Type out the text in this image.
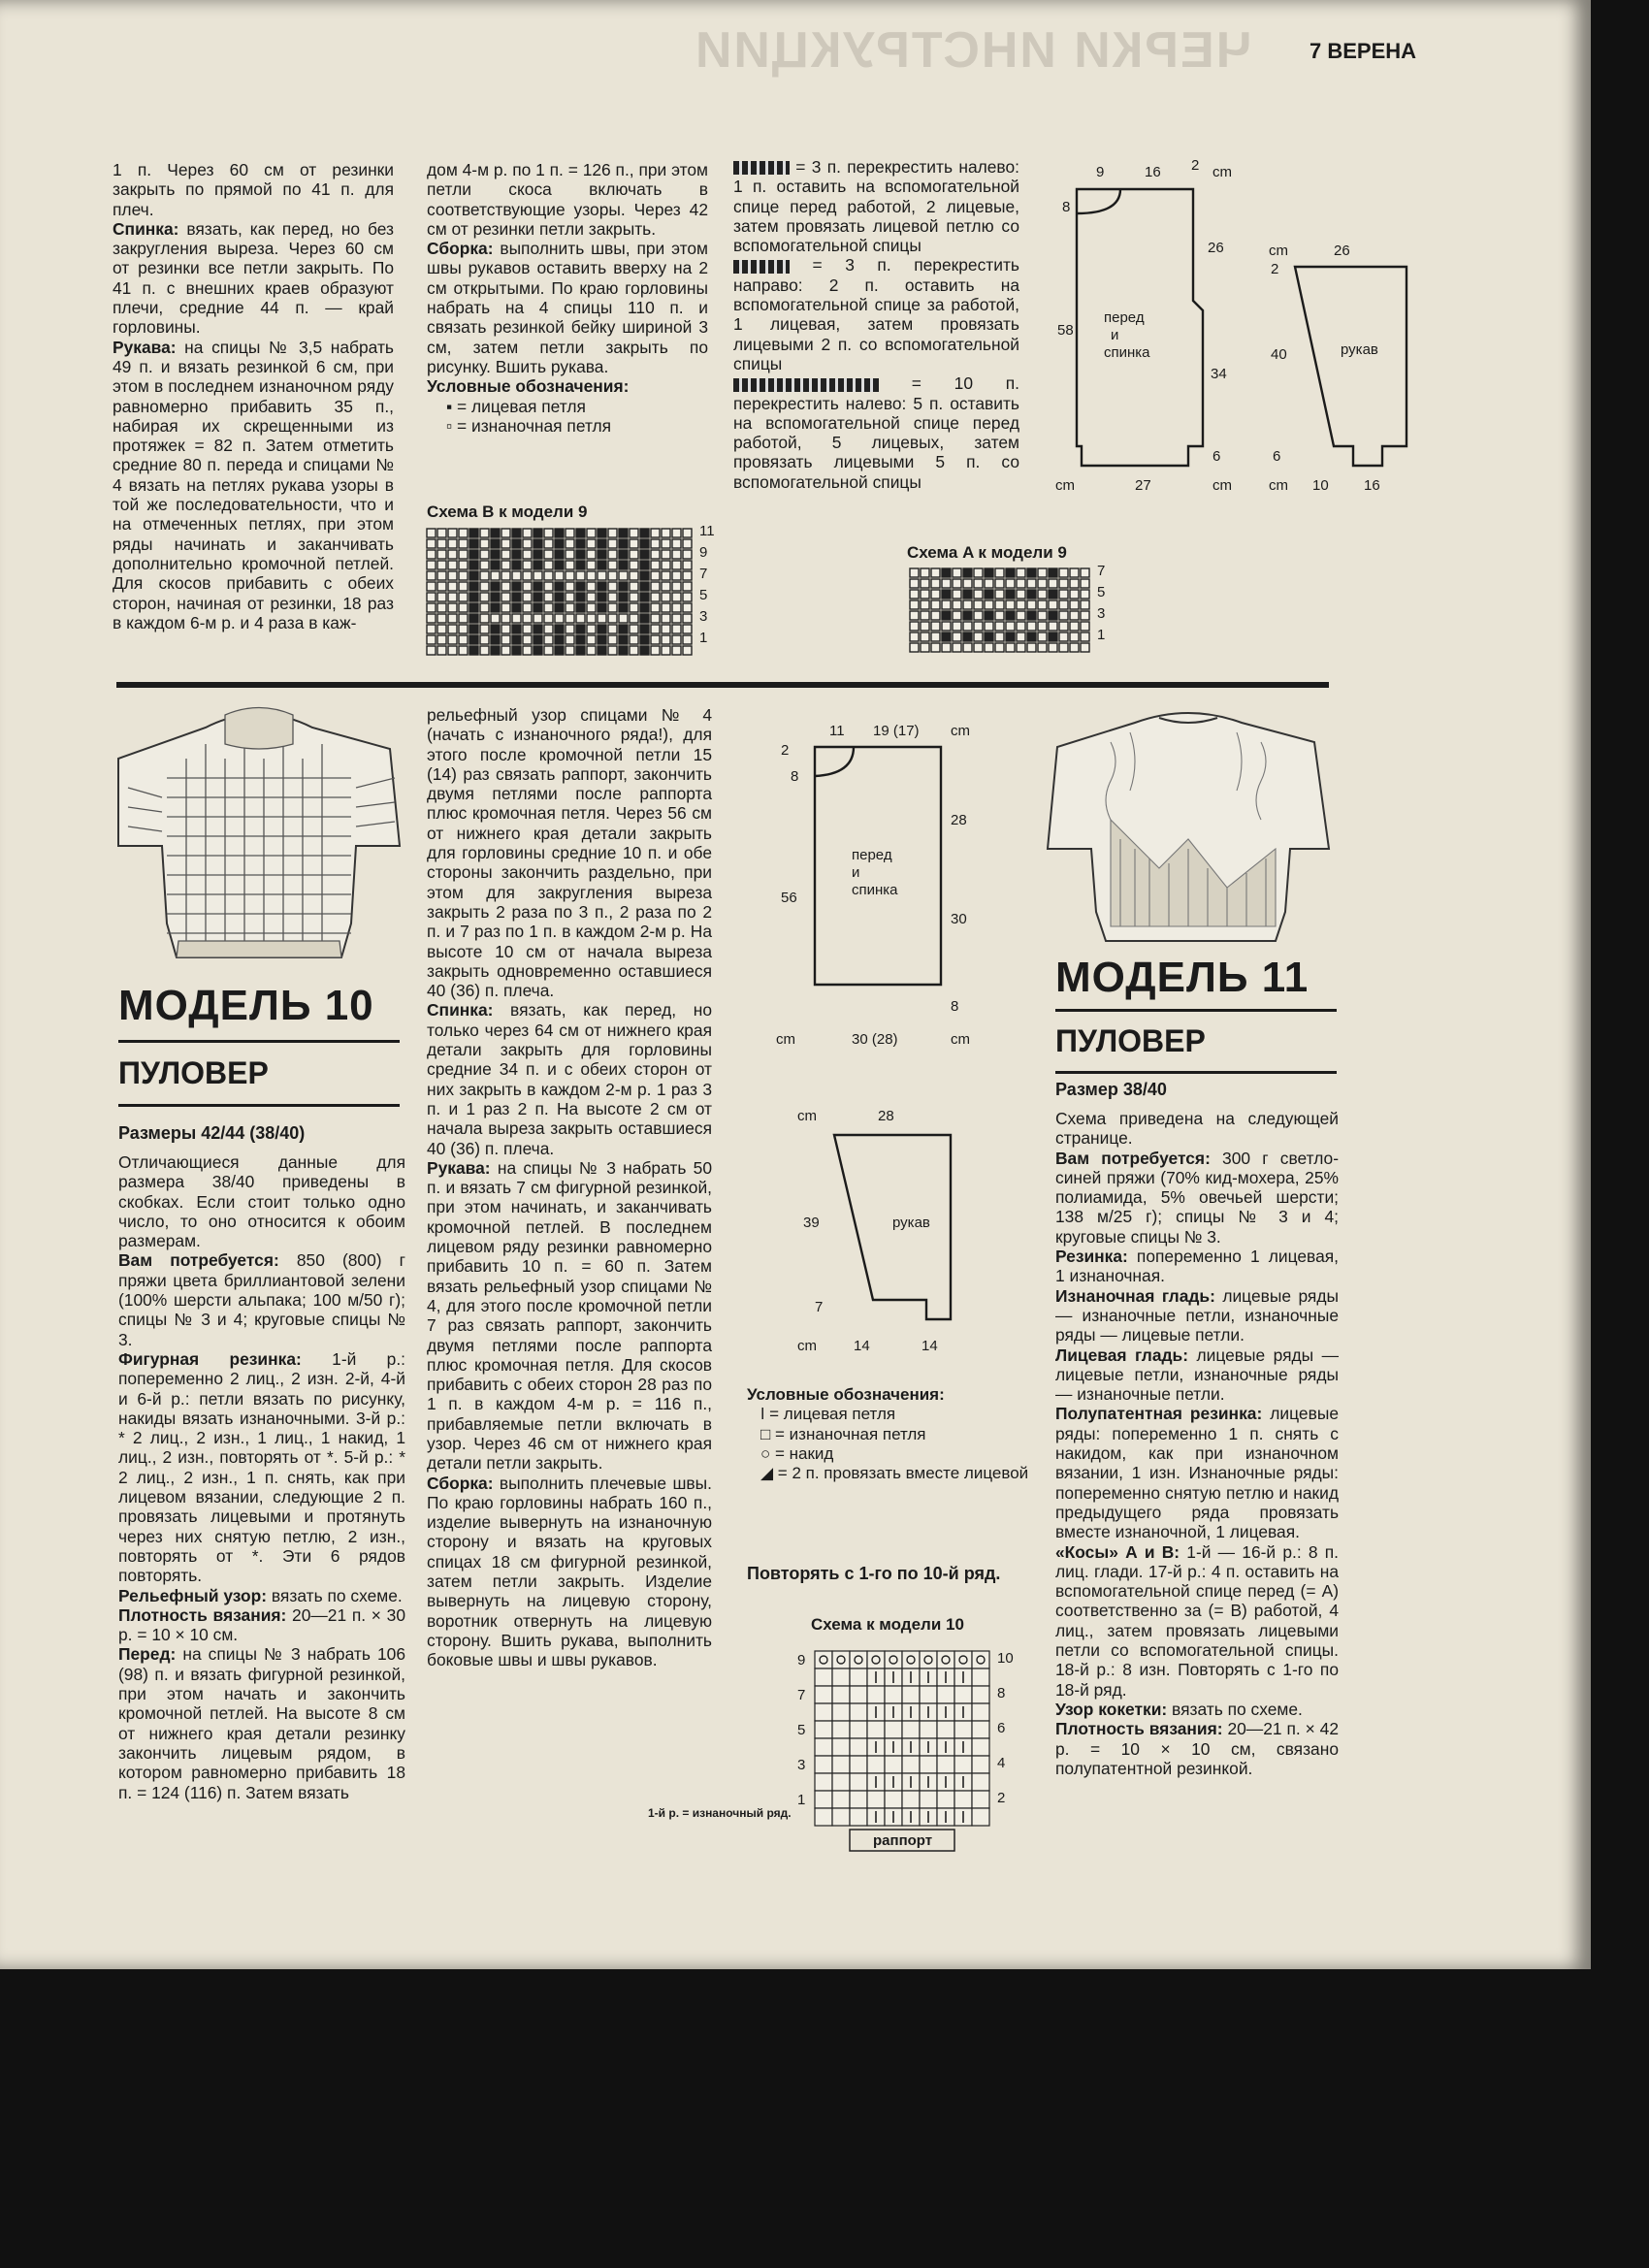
ЧЕРКИ ИНСТРУКЦИИ	7 ВЕРЕНА

1 п. Через 60 см от резинки закрыть по прямой по 41 п. для плеч.

Спинка: вязать, как перед, но без закругления выреза. Через 60 см от резинки все петли закрыть. По 41 п. с внешних краев образуют плечи, средние 44 п. — край горловины.

Рукава: на спицы № 3,5 набрать 49 п. и вязать резинкой 6 см, при этом в последнем изнаночном ряду равномерно прибавить 35 п., набирая их скрещенными из протяжек = 82 п. Затем отметить средние 80 п. переда и спицами № 4 вязать на петлях рукава узоры в той же последовательности, что и на отмеченных петлях, при этом ряды начинать и заканчивать дополнительно кромочной петлей. Для скосов прибавить с обеих сторон, начиная от резинки, 18 раз в каждом 6-м р. и 4 раза в каж-

дом 4-м р. по 1 п. = 126 п., при этом петли скоса включать в соответствующие узоры. Через 42 см от резинки петли закрыть.

Сборка: выполнить швы, при этом швы рукавов оставить вверху на 2 см открытыми. По краю горловины набрать на 4 спицы 110 п. и связать резинкой бейку шириной 3 см, затем петли закрыть по рисунку. Вшить рукава.

Условные обозначения:

▪ = лицевая петля

▫ = изнаночная петля

= 3 п. перекрестить налево: 1 п. оставить на вспомогательной спице перед работой, 2 лицевые, затем провязать лицевой петлю со вспомогательной спицы

= 3 п. перекрестить направо: 2 п. оставить на вспомогательной спице за работой, 1 лицевая, затем провязать лицевыми 2 п. со вспомогательной спицы

= 10 п. перекрестить налево: 5 п. оставить на вспомогательной спице перед работой, 5 лицевых, затем провязать лицевыми 5 п. со вспомогательной спицы

9	16 2 cm
8
26
58
34
6
27
cm	cm
перед
и
спинка	рукав
cm	26
2
40
6
cm 10 16
Схема B к модели 9
11
9
7
5
3
1
Схема A к модели 9
7
5
3
1
МОДЕЛЬ 10
ПУЛОВЕР
Размеры 42/44 (38/40)

Отличающиеся данные для размера 38/40 приведены в скобках. Если стоит только одно число, то оно относится к обоим размерам.

Вам потребуется: 850 (800) г пряжи цвета бриллиантовой зелени (100% шерсти альпака; 100 м/50 г); спицы № 3 и 4; круговые спицы № 3.

Фигурная резинка: 1-й р.: попеременно 2 лиц., 2 изн. 2-й, 4-й и 6-й р.: петли вязать по рисунку, накиды вязать изнаночными. 3-й р.: * 2 лиц., 2 изн., 1 лиц., 1 накид, 1 лиц., 2 изн., повторять от *. 5-й р.: * 2 лиц., 2 изн., 1 п. снять, как при лицевом вязании, следующие 2 п. провязать лицевыми и протянуть через них снятую петлю, 2 изн., повторять от *. Эти 6 рядов повторять.

Рельефный узор: вязать по схеме.

Плотность вязания: 20—21 п. × 30 р. = 10 × 10 см.

Перед: на спицы № 3 набрать 106 (98) п. и вязать фигурной резинкой, при этом начать и закончить кромочной петлей. На высоте 8 см от нижнего края детали резинку закончить лицевым рядом, в котором равномерно прибавить 18 п. = 124 (116) п. Затем вязать

рельефный узор спицами № 4 (начать с изнаночного ряда!), для этого после кромочной петли 15 (14) раз связать раппорт, закончить двумя петлями после раппорта плюс кромочная петля. Через 56 см от нижнего края детали закрыть для горловины средние 10 п. и обе стороны закончить раздельно, при этом для закругления выреза закрыть 2 раза по 3 п., 2 раза по 2 п. и 7 раз по 1 п. в каждом 2-м р. На высоте 10 см от начала выреза закрыть одновременно оставшиеся 40 (36) п. плеча.

Спинка: вязать, как перед, но только через 64 см от нижнего края детали закрыть для горловины средние 34 п. и с обеих сторон от них закрыть в каждом 2-м р. 1 раз 3 п. и 1 раз 2 п. На высоте 2 см от начала выреза закрыть оставшиеся 40 (36) п. плеча.

Рукава: на спицы № 3 набрать 50 п. и вязать 7 см фигурной резинкой, при этом начинать, и заканчивать кромочной петлей. В последнем лицевом ряду резинки равномерно прибавить 10 п. = 60 п. Затем вязать рельефный узор спицами № 4, для этого после кромочной петли 7 раз связать раппорт, закончить двумя петлями после раппорта плюс кромочная петля. Для скосов прибавить с обеих сторон 28 раз по 1 п. в каждом 4-м р. = 116 п., прибавляемые петли включать в узор. Через 46 см от нижнего края детали петли закрыть.

Сборка: выполнить плечевые швы. По краю горловины набрать 160 п., изделие вывернуть на изнаночную сторону и вязать на круговых спицах 18 см фигурной резинкой, затем петли закрыть. Изделие вывернуть на лицевую сторону, воротник отвернуть на лицевую сторону. Вшить рукава, выполнить боковые швы и швы рукавов.

11 19 (17) cm
2
8
28
56
30
8
cm	30 (28)	cm
перед
и
спинка
cm	28
39	рукав
7
cm	14	14

Условные обозначения:

ǀ = лицевая петля

□ = изнаночная петля

○ = накид

◢ = 2 п. провязать вместе лицевой

Повторять с 1-го по 10-й ряд.
Схема к модели 10
9
7
5
3
1
10
8
6
4
2
раппорт
1-й р. = изнаночный ряд.
МОДЕЛЬ 11
ПУЛОВЕР
Размер 38/40

Схема приведена на следующей странице.

Вам потребуется: 300 г светло-синей пряжи (70% кид-мохера, 25% полиамида, 5% овечьей шерсти; 138 м/25 г); спицы № 3 и 4; круговые спицы № 3.

Резинка: попеременно 1 лицевая, 1 изнаночная.

Изнаночная гладь: лицевые ряды — изнаночные петли, изнаночные ряды — лицевые петли.

Лицевая гладь: лицевые ряды — лицевые петли, изнаночные ряды — изнаночные петли.

Полупатентная резинка: лицевые ряды: попеременно 1 п. снять с накидом, как при изнаночном вязании, 1 изн. Изнаночные ряды: попеременно снятую петлю и накид предыдущего ряда провязать вместе изнаночной, 1 лицевая.

«Косы» А и В: 1-й — 16-й р.: 8 п. лиц. глади. 17-й р.: 4 п. оставить на вспомогательной спице перед (= А) соответственно за (= В) работой, 4 лиц., затем провязать лицевыми петли со вспомогательной спицы. 18-й р.: 8 изн. Повторять с 1-го по 18-й ряд.

Узор кокетки: вязать по схеме.

Плотность вязания: 20—21 п. × 42 р. = 10 × 10 см, связано полупатентной резинкой.
